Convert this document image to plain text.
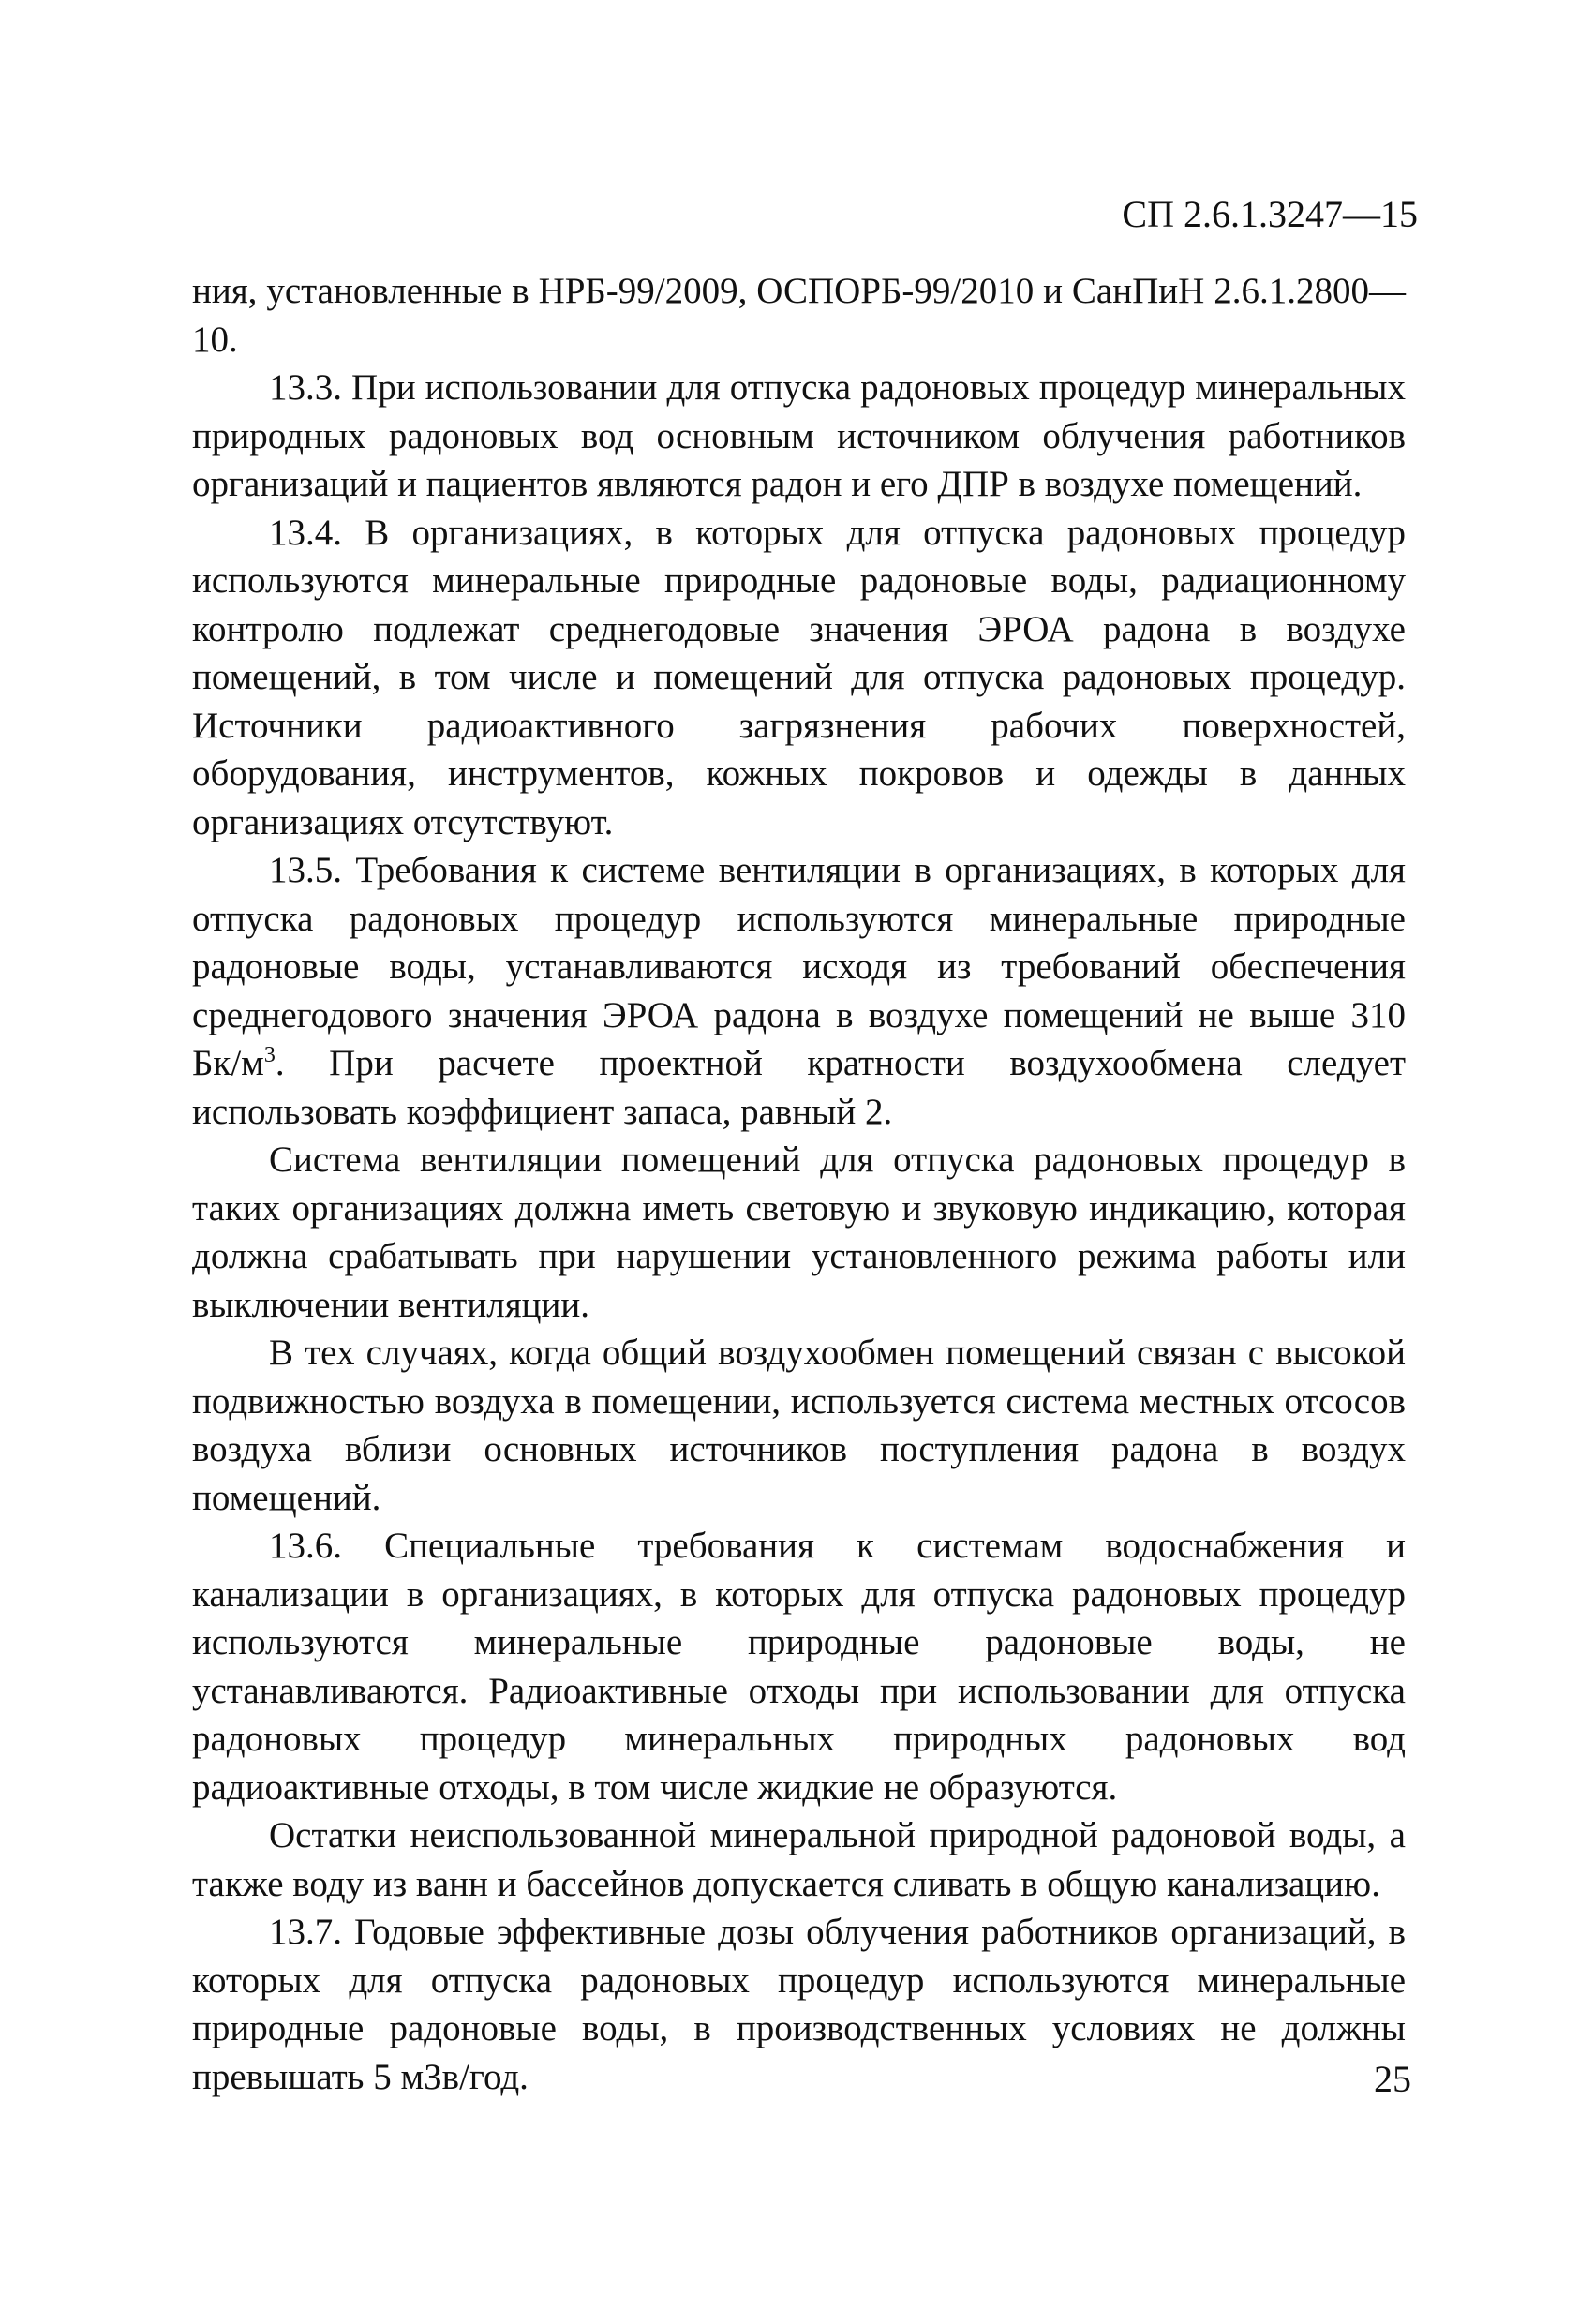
СП 2.6.1.3247—15

ния, установленные в НРБ-99/2009, ОСПОРБ-99/2010 и СанПиН 2.6.1.2800—10.

13.3. При использовании для отпуска радоновых процедур минеральных природных радоновых вод основным источником облучения работников организаций и пациентов являются радон и его ДПР в воздухе помещений.

13.4. В организациях, в которых для отпуска радоновых процедур используются минеральные природные радоновые воды, радиационному контролю подлежат среднегодовые значения ЭРОА радона в воздухе помещений, в том числе и помещений для отпуска радоновых процедур. Источники радиоактивного загрязнения рабочих поверхностей, оборудования, инструментов, кожных покровов и одежды в данных организациях отсутствуют.

13.5. Требования к системе вентиляции в организациях, в которых для отпуска радоновых процедур используются минеральные природные радоновые воды, устанавливаются исходя из требований обеспечения среднегодового значения ЭРОА радона в воздухе помещений не выше 310 $Бк/м^3$. При расчете проектной кратности воздухообмена следует использовать коэффициент запаса, равный 2.

Система вентиляции помещений для отпуска радоновых процедур в таких организациях должна иметь световую и звуковую индикацию, которая должна срабатывать при нарушении установленного режима работы или выключении вентиляции.

В тех случаях, когда общий воздухообмен помещений связан с высокой подвижностью воздуха в помещении, используется система местных отсосов воздуха вблизи основных источников поступления радона в воздух помещений.

13.6. Специальные требования к системам водоснабжения и канализации в организациях, в которых для отпуска радоновых процедур используются минеральные природные радоновые воды, не устанавливаются. Радиоактивные отходы при использовании для отпуска радоновых процедур минеральных природных радоновых вод радиоактивные отходы, в том числе жидкие не образуются.

Остатки неиспользованной минеральной природной радоновой воды, а также воду из ванн и бассейнов допускается сливать в общую канализацию.

13.7. Годовые эффективные дозы облучения работников организаций, в которых для отпуска радоновых процедур используются минеральные природные радоновые воды, в производственных условиях не должны превышать 5 мЗв/год.	25
